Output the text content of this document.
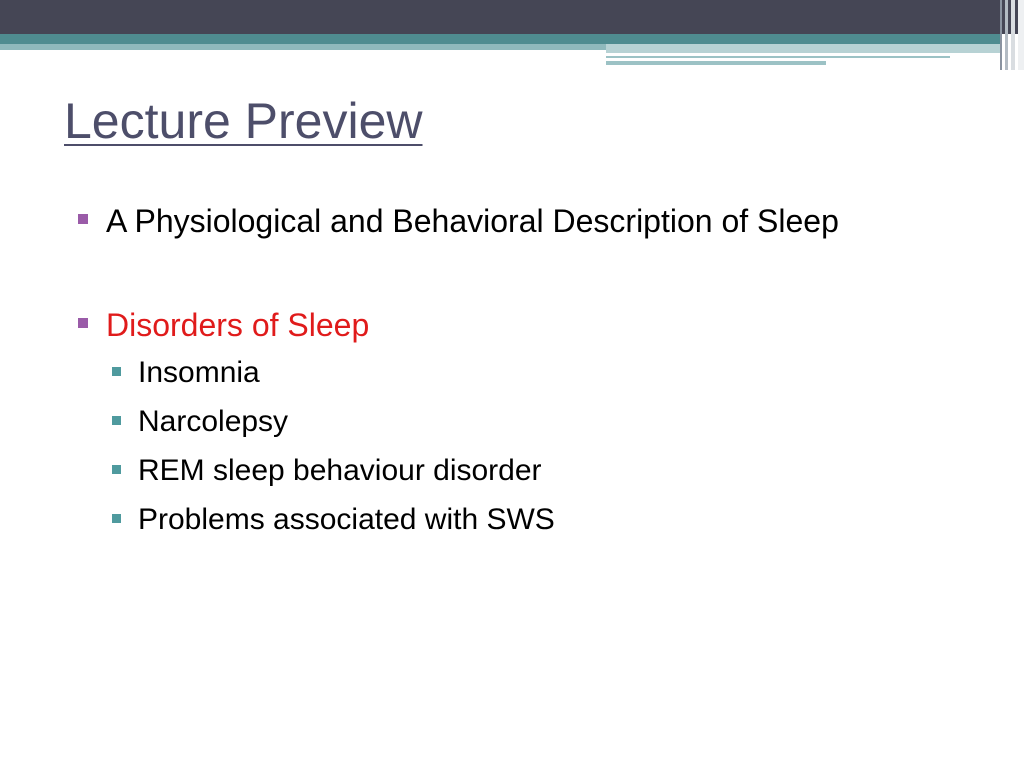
Lecture Preview
A Physiological and Behavioral Description of Sleep
Disorders of Sleep
Insomnia
Narcolepsy
REM sleep behaviour disorder
Problems associated with SWS
